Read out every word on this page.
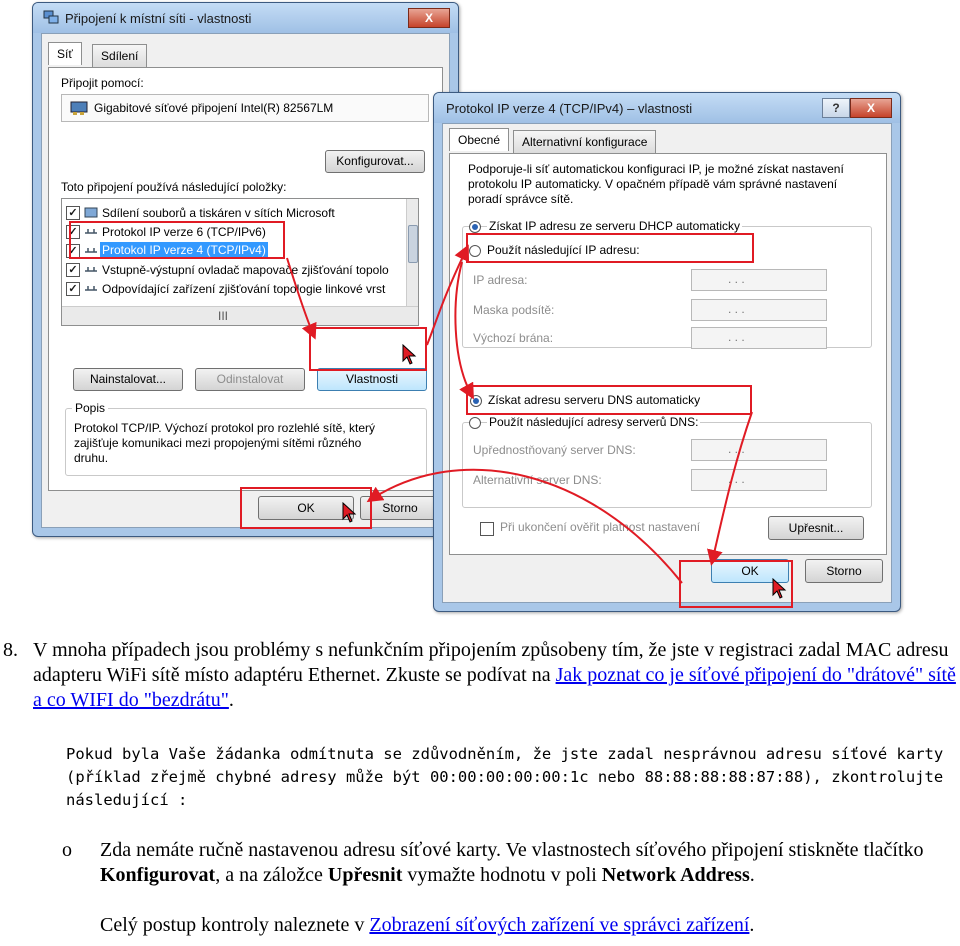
Připojení k místní síti - vlastnosti	X
Síť	Sdílení
Připojit pomocí:
Gigabitové síťové připojení Intel(R) 82567LM
Konfigurovat...
Toto připojení používá následující položky:
✓ Sdílení souborů a tiskáren v sítích Microsoft
✓ Protokol IP verze 6 (TCP/IPv6)
✓ Protokol IP verze 4 (TCP/IPv4)
✓ Vstupně-výstupní ovladač mapovače zjišťování topolo
✓ Odpovídající zařízení zjišťování topologie linkové vrst
III
Nainstalovat...	Odinstalovat	Vlastnosti
Popis
Protokol TCP/IP. Výchozí protokol pro rozlehlé sítě, který zajišťuje komunikaci mezi propojenými sítěmi různého druhu.
OK	Storno
Protokol IP verze 4 (TCP/IPv4) – vlastnosti	?	X
Obecné	Alternativní konfigurace
Podporuje-li síť automatickou konfiguraci IP, je možné získat nastavení protokolu IP automaticky. V opačném případě vám správné nastavení poradí správce sítě.
Získat IP adresu ze serveru DHCP automaticky
Použít následující IP adresu:
IP adresa:	. . .
Maska podsítě:	. . .
Výchozí brána:	. . .
Získat adresu serveru DNS automaticky
Použít následující adresy serverů DNS:
Upřednostňovaný server DNS:	. . .
Alternativní server DNS:	. . .
Při ukončení ověřit platnost nastavení	Upřesnit...
OK	Storno
8. V mnoha případech jsou problémy s nefunkčním připojením způsobeny tím, že jste v registraci zadal MAC adresu adapteru WiFi sítě místo adaptéru Ethernet. Zkuste se podívat na Jak poznat co je síťové připojení do "drátové" sítě a co WIFI do "bezdrátu".
Pokud byla Vaše žádanka odmítnuta se zdůvodněním, že jste zadal nesprávnou adresu síťové karty (příklad zřejmě chybné adresy může být 00:00:00:00:00:1c nebo 88:88:88:88:87:88), zkontrolujte následující :
o Zda nemáte ručně nastavenou adresu síťové karty. Ve vlastnostech síťového připojení stiskněte tlačítko Konfigurovat, a na záložce Upřesnit vymažte hodnotu v poli Network Address.
Celý postup kontroly naleznete v Zobrazení síťových zařízení ve správci zařízení.
